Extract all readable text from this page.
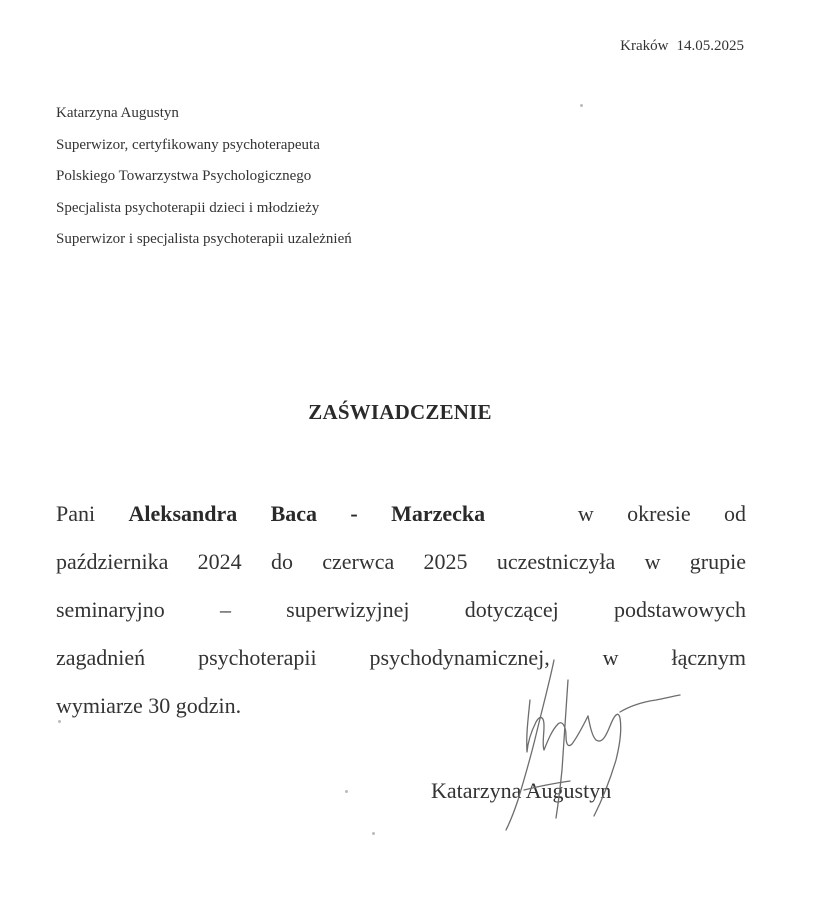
Kraków 14.05.2025
Katarzyna Augustyn
Superwizor, certyfikowany psychoterapeuta
Polskiego Towarzystwa Psychologicznego
Specjalista psychoterapii dzieci i młodzieży
Superwizor i specjalista psychoterapii uzależnień
ZAŚWIADCZENIE
Pani Aleksandra Baca - Marzecka	w okresie od
października 2024 do czerwca 2025 uczestniczyła w grupie
seminaryjno	–	superwizyjnej	dotyczącej	podstawowych
zagadnień psychoterapii psychodynamicznej, w łącznym
wymiarze 30 godzin.
Katarzyna Augustyn
